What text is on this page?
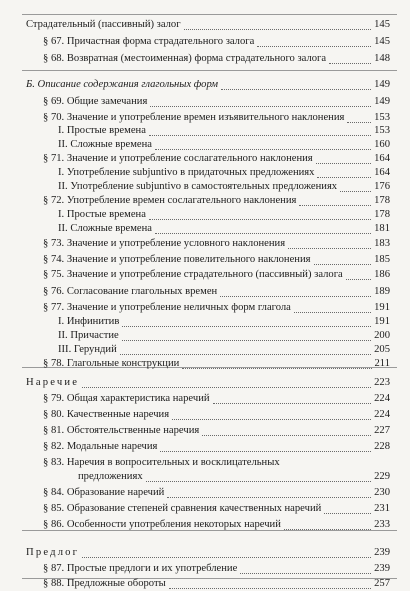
Страдательный (пассивный) залог	145
§ 67. Причастная форма страдательного залога	145
§ 68. Возвратная (местоименная) форма страдательного залога	148
Б. Описание содержания глагольных форм	149
§ 69. Общие замечания	149
§ 70. Значение и употребление времен изъявительного наклонения	153
I. Простые времена	153
II. Сложные времена	160
§ 71. Значение и употребление сослагательного наклонения	164
I. Употребление subjuntivo в придаточных предложениях	164
II. Употребление subjuntivo в самостоятельных предложениях	176
§ 72. Употребление времен сослагательного наклонения	178
I. Простые времена	178
II. Сложные времена	181
§ 73. Значение и употребление условного наклонения	183
§ 74. Значение и употребление повелительного наклонения	185
§ 75. Значение и употребление страдательного (пассивный) залога	186
§ 76. Согласование глагольных времен	189
§ 77. Значение и употребление неличных форм глагола	191
I. Инфинитив	191
II. Причастие	200
III. Герундий	205
§ 78. Глагольные конструкции	211
Наречие	223
§ 79. Общая характеристика наречий	224
§ 80. Качественные наречия	224
§ 81. Обстоятельственные наречия	227
§ 82. Модальные наречия	228
§ 83. Наречия в вопросительных и восклицательных
предложениях	229
§ 84. Образование наречий	230
§ 85. Образование степеней сравнения качественных наречий	231
§ 86. Особенности употребления некоторых наречий	233
Предлог	239
§ 87. Простые предлоги и их употребление	239
§ 88. Предложные обороты	257
